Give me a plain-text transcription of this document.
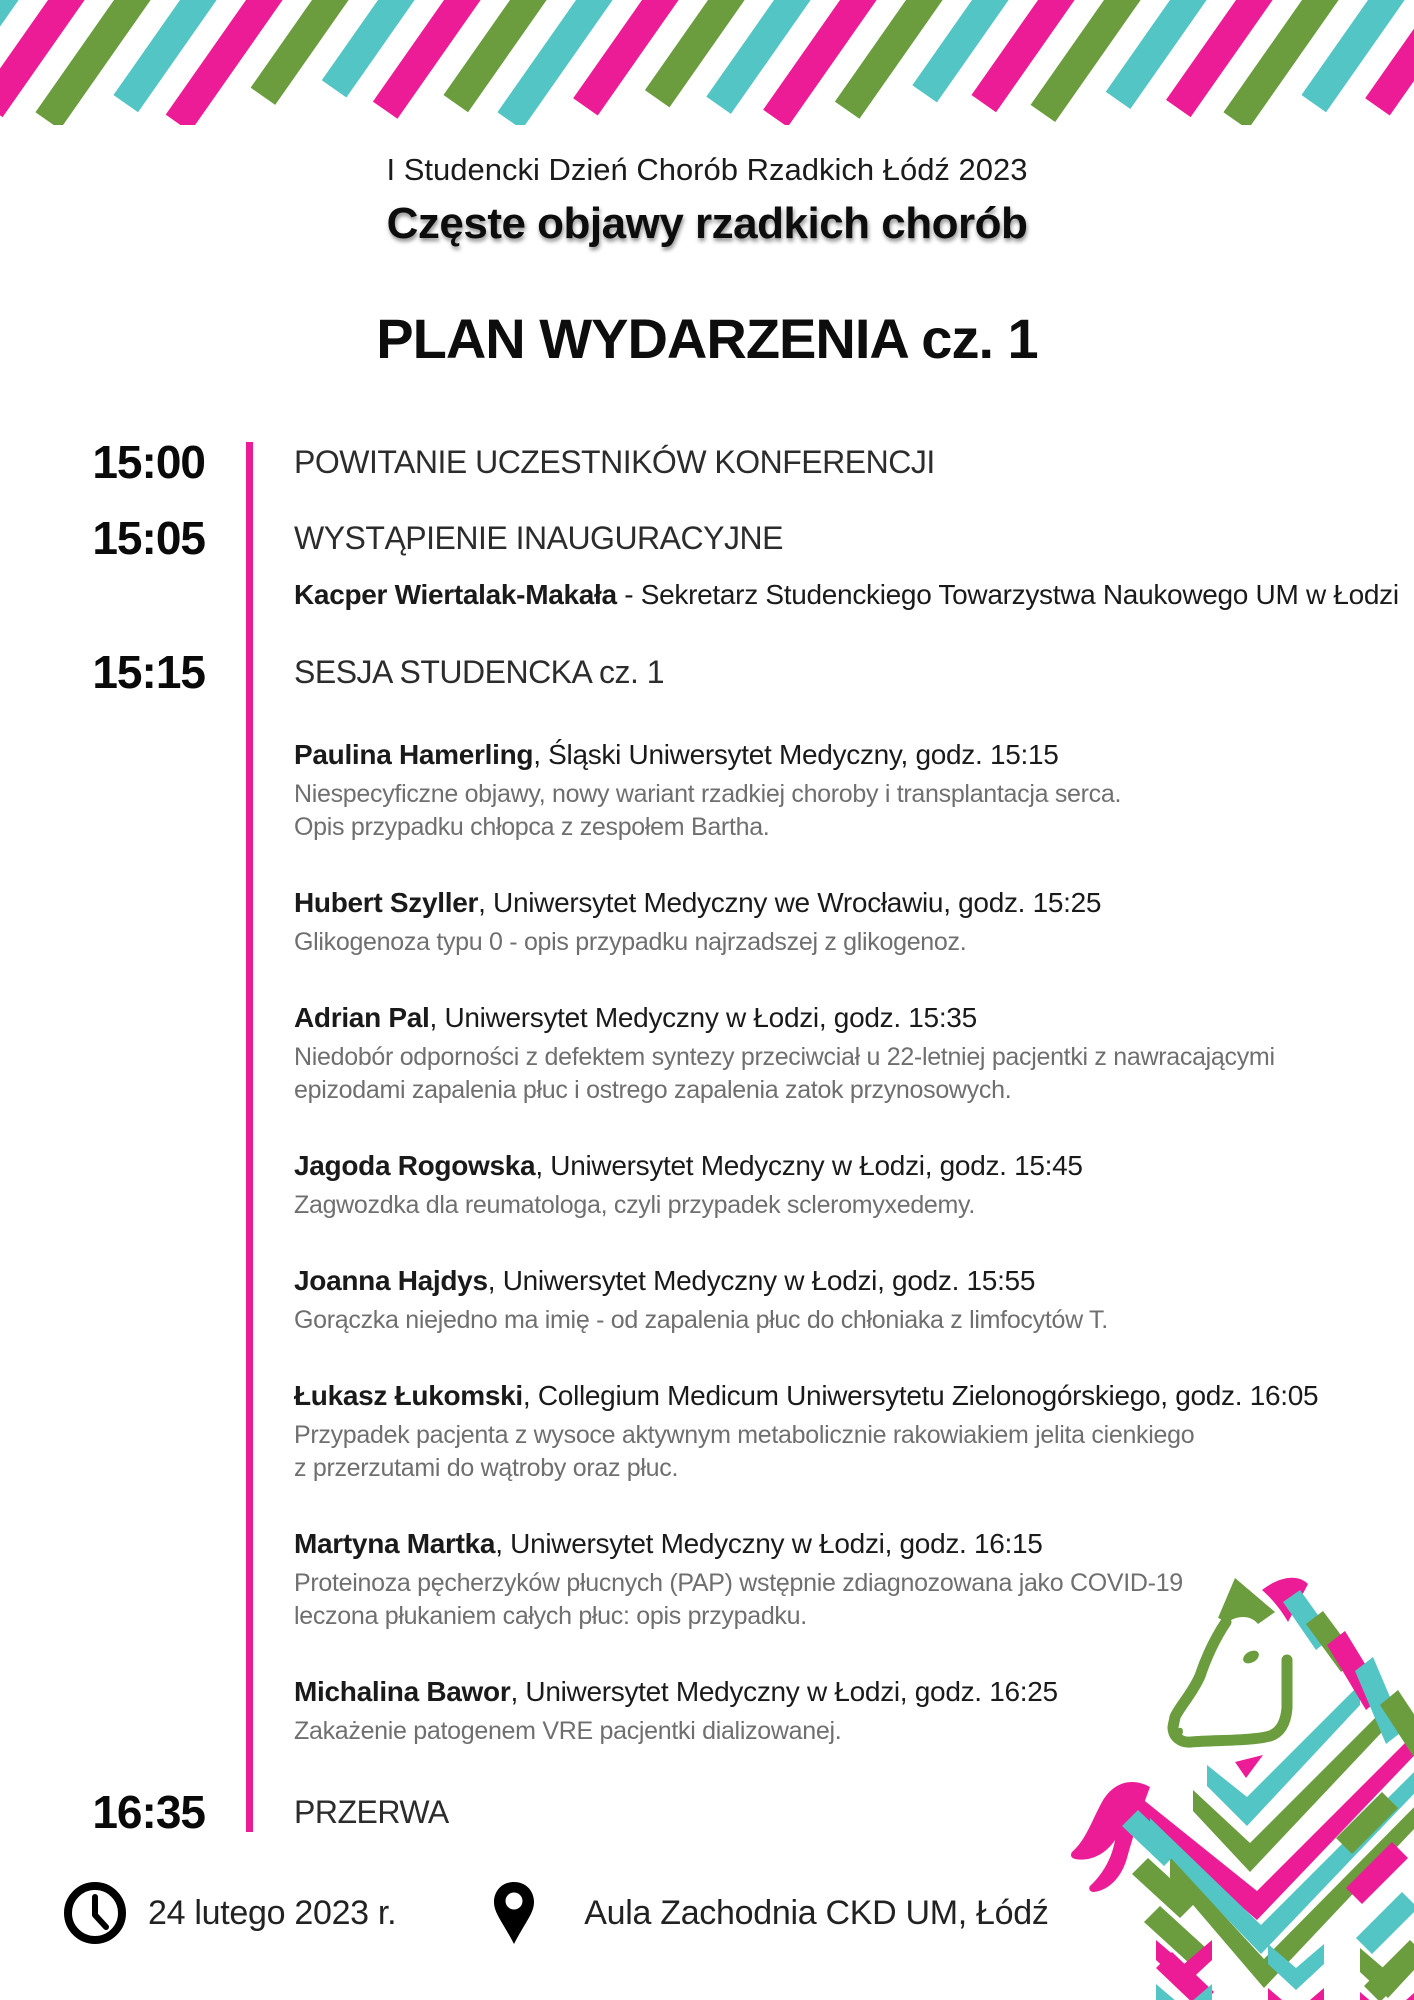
I Studencki Dzień Chorób Rzadkich Łódź 2023
Częste objawy rzadkich chorób
PLAN WYDARZENIA cz. 1
15:00	POWITANIE UCZESTNIKÓW KONFERENCJI
15:05	WYSTĄPIENIE INAUGURACYJNE
Kacper Wiertalak-Makała - Sekretarz Studenckiego Towarzystwa Naukowego UM w Łodzi
15:15	SESJA STUDENCKA cz. 1
Paulina Hamerling, Śląski Uniwersytet Medyczny, godz. 15:15
Niespecyficzne objawy, nowy wariant rzadkiej choroby i transplantacja serca.
Opis przypadku chłopca z zespołem Bartha.
Hubert Szyller, Uniwersytet Medyczny we Wrocławiu, godz. 15:25
Glikogenoza typu 0 - opis przypadku najrzadszej z glikogenoz.
Adrian Pal, Uniwersytet Medyczny w Łodzi, godz. 15:35
Niedobór odporności z defektem syntezy przeciwciał u 22-letniej pacjentki z nawracającymi
epizodami zapalenia płuc i ostrego zapalenia zatok przynosowych.
Jagoda Rogowska, Uniwersytet Medyczny w Łodzi, godz. 15:45
Zagwozdka dla reumatologa, czyli przypadek scleromyxedemy.
Joanna Hajdys, Uniwersytet Medyczny w Łodzi, godz. 15:55
Gorączka niejedno ma imię - od zapalenia płuc do chłoniaka z limfocytów T.
Łukasz Łukomski, Collegium Medicum Uniwersytetu Zielonogórskiego, godz. 16:05
Przypadek pacjenta z wysoce aktywnym metabolicznie rakowiakiem jelita cienkiego
z przerzutami do wątroby oraz płuc.
Martyna Martka, Uniwersytet Medyczny w Łodzi, godz. 16:15
Proteinoza pęcherzyków płucnych (PAP) wstępnie zdiagnozowana jako COVID-19
leczona płukaniem całych płuc: opis przypadku.
Michalina Bawor, Uniwersytet Medyczny w Łodzi, godz. 16:25
Zakażenie patogenem VRE pacjentki dializowanej.
16:35	PRZERWA
24 lutego 2023 r.	Aula Zachodnia CKD UM, Łódź
